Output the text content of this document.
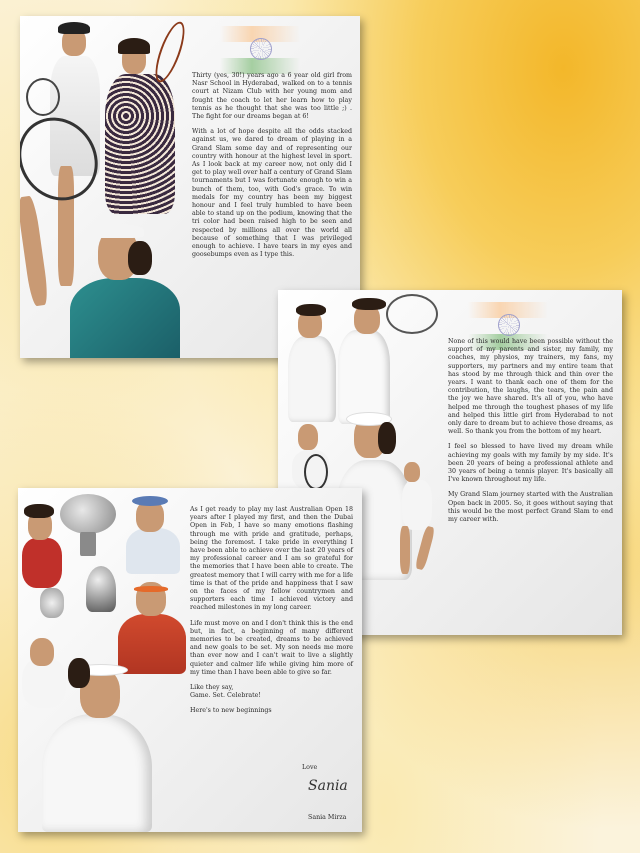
Thirty (yes, 30!) years ago a 6 year old girl from Nasr School in Hyderabad, walked on to a tennis court at Nizam Club with her young mom and fought the coach to let her learn how to play tennis as he thought that she was too little ;) . The fight for our dreams began at 6!

With a lot of hope despite all the odds stacked against us, we dared to dream of playing in a Grand Slam some day and of representing our country with honour at the highest level in sport. As I look back at my career now, not only did I get to play well over half a century of Grand Slam tournaments but I was fortunate enough to win a bunch of them, too, with God's grace. To win medals for my country has been my biggest honour and I feel truly humbled to have been able to stand up on the podium, knowing that the tri color had been raised high to be seen and respected by millions all over the world all because of something that I was privileged enough to achieve. I have tears in my eyes and goosebumps even as I type this.

None of this would have been possible without the support of my parents and sister, my family, my coaches, my physios, my trainers, my fans, my supporters, my partners and my entire team that has stood by me through thick and thin over the years. I want to thank each one of them for the contribution, the laughs, the tears, the pain and the joy we have shared. It's all of you, who have helped me through the toughest phases of my life and helped this little girl from Hyderabad to not only dare to dream but to achieve those dreams, as well. So thank you from the bottom of my heart.

I feel so blessed to have lived my dream while achieving my goals with my family by my side. It's been 20 years of being a professional athlete and 30 years of being a tennis player. It's basically all I've known throughout my life.

My Grand Slam journey started with the Australian Open back in 2005. So, it goes without saying that this would be the most perfect Grand Slam to end my career with.

As I get ready to play my last Australian Open 18 years after I played my first, and then the Dubai Open in Feb, I have so many emotions flashing through me with pride and gratitude, perhaps, being the foremost. I take pride in everything I have been able to achieve over the last 20 years of my professional career and I am so grateful for the memories that I have been able to create. The greatest memory that I will carry with me for a life time is that of the pride and happiness that I saw on the faces of my fellow countrymen and supporters each time I achieved victory and reached milestones in my long career.

Life must move on and I don't think this is the end but, in fact, a beginning of many different memories to be created, dreams to be achieved and new goals to be set. My son needs me more than ever now and I can't wait to live a slightly quieter and calmer life while giving him more of my time than I have been able to give so far.

Like they say,
Game. Set. Celebrate!

Here's to new beginnings

Love
Sania
Sania Mirza
